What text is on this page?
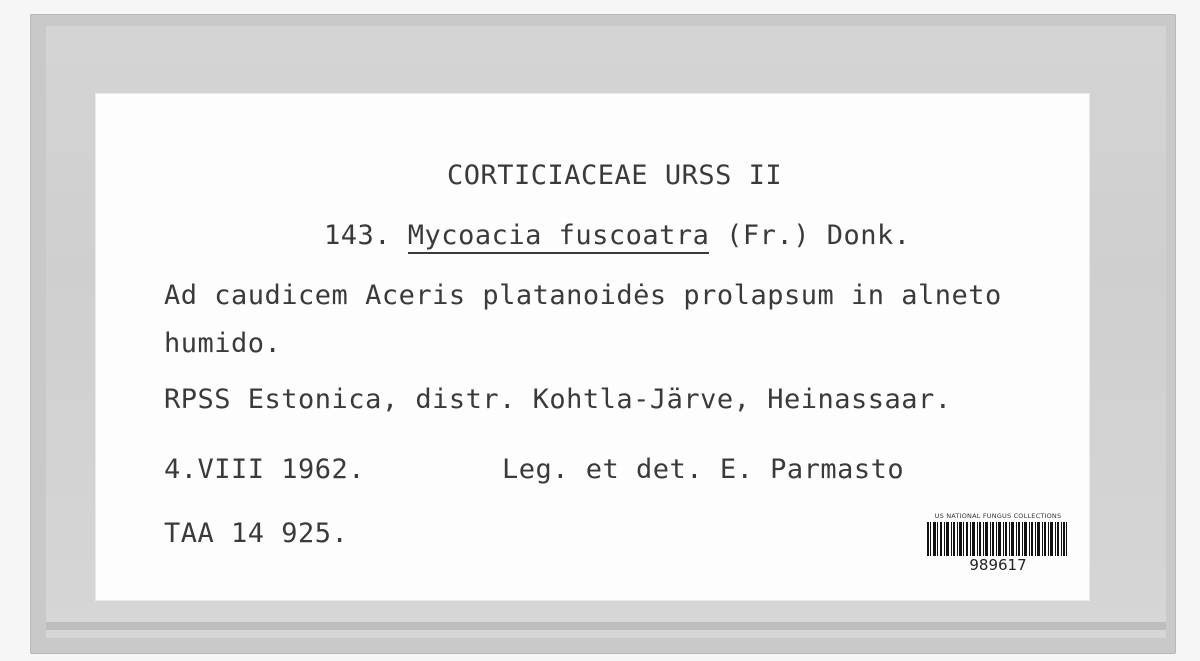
CORTICIACEAE URSS II
143. Mycoacia fuscoatra (Fr.) Donk.
Ad caudicem Aceris platanoidės prolapsum in alneto
humido.
RPSS Estonica, distr. Kohtla-Järve, Heinassaar.
4.VIII 1962.	Leg. et det. E. Parmasto
TAA 14 925.
US NATIONAL FUNGUS COLLECTIONS
989617
